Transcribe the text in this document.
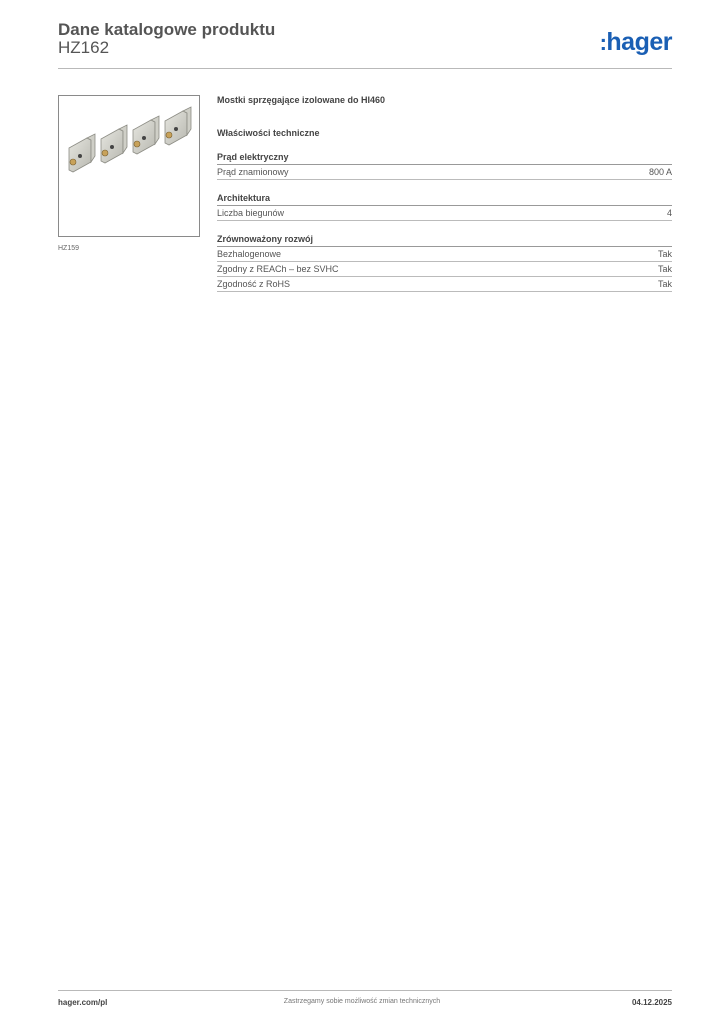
Dane katalogowe produktu
HZ162	:hager
HZ159
Mostki sprzęgające izolowane do HI460
Właściwości techniczne
Prąd elektryczny
Prąd znamionowy	800 A
Architektura
Liczba biegunów	4
Zrównoważony rozwój
Bezhalogenowe	Tak
Zgodny z REACh – bez SVHC	Tak
Zgodność z RoHS	Tak
hager.com/pl	Zastrzegamy sobie możliwość zmian technicznych	04.12.2025
